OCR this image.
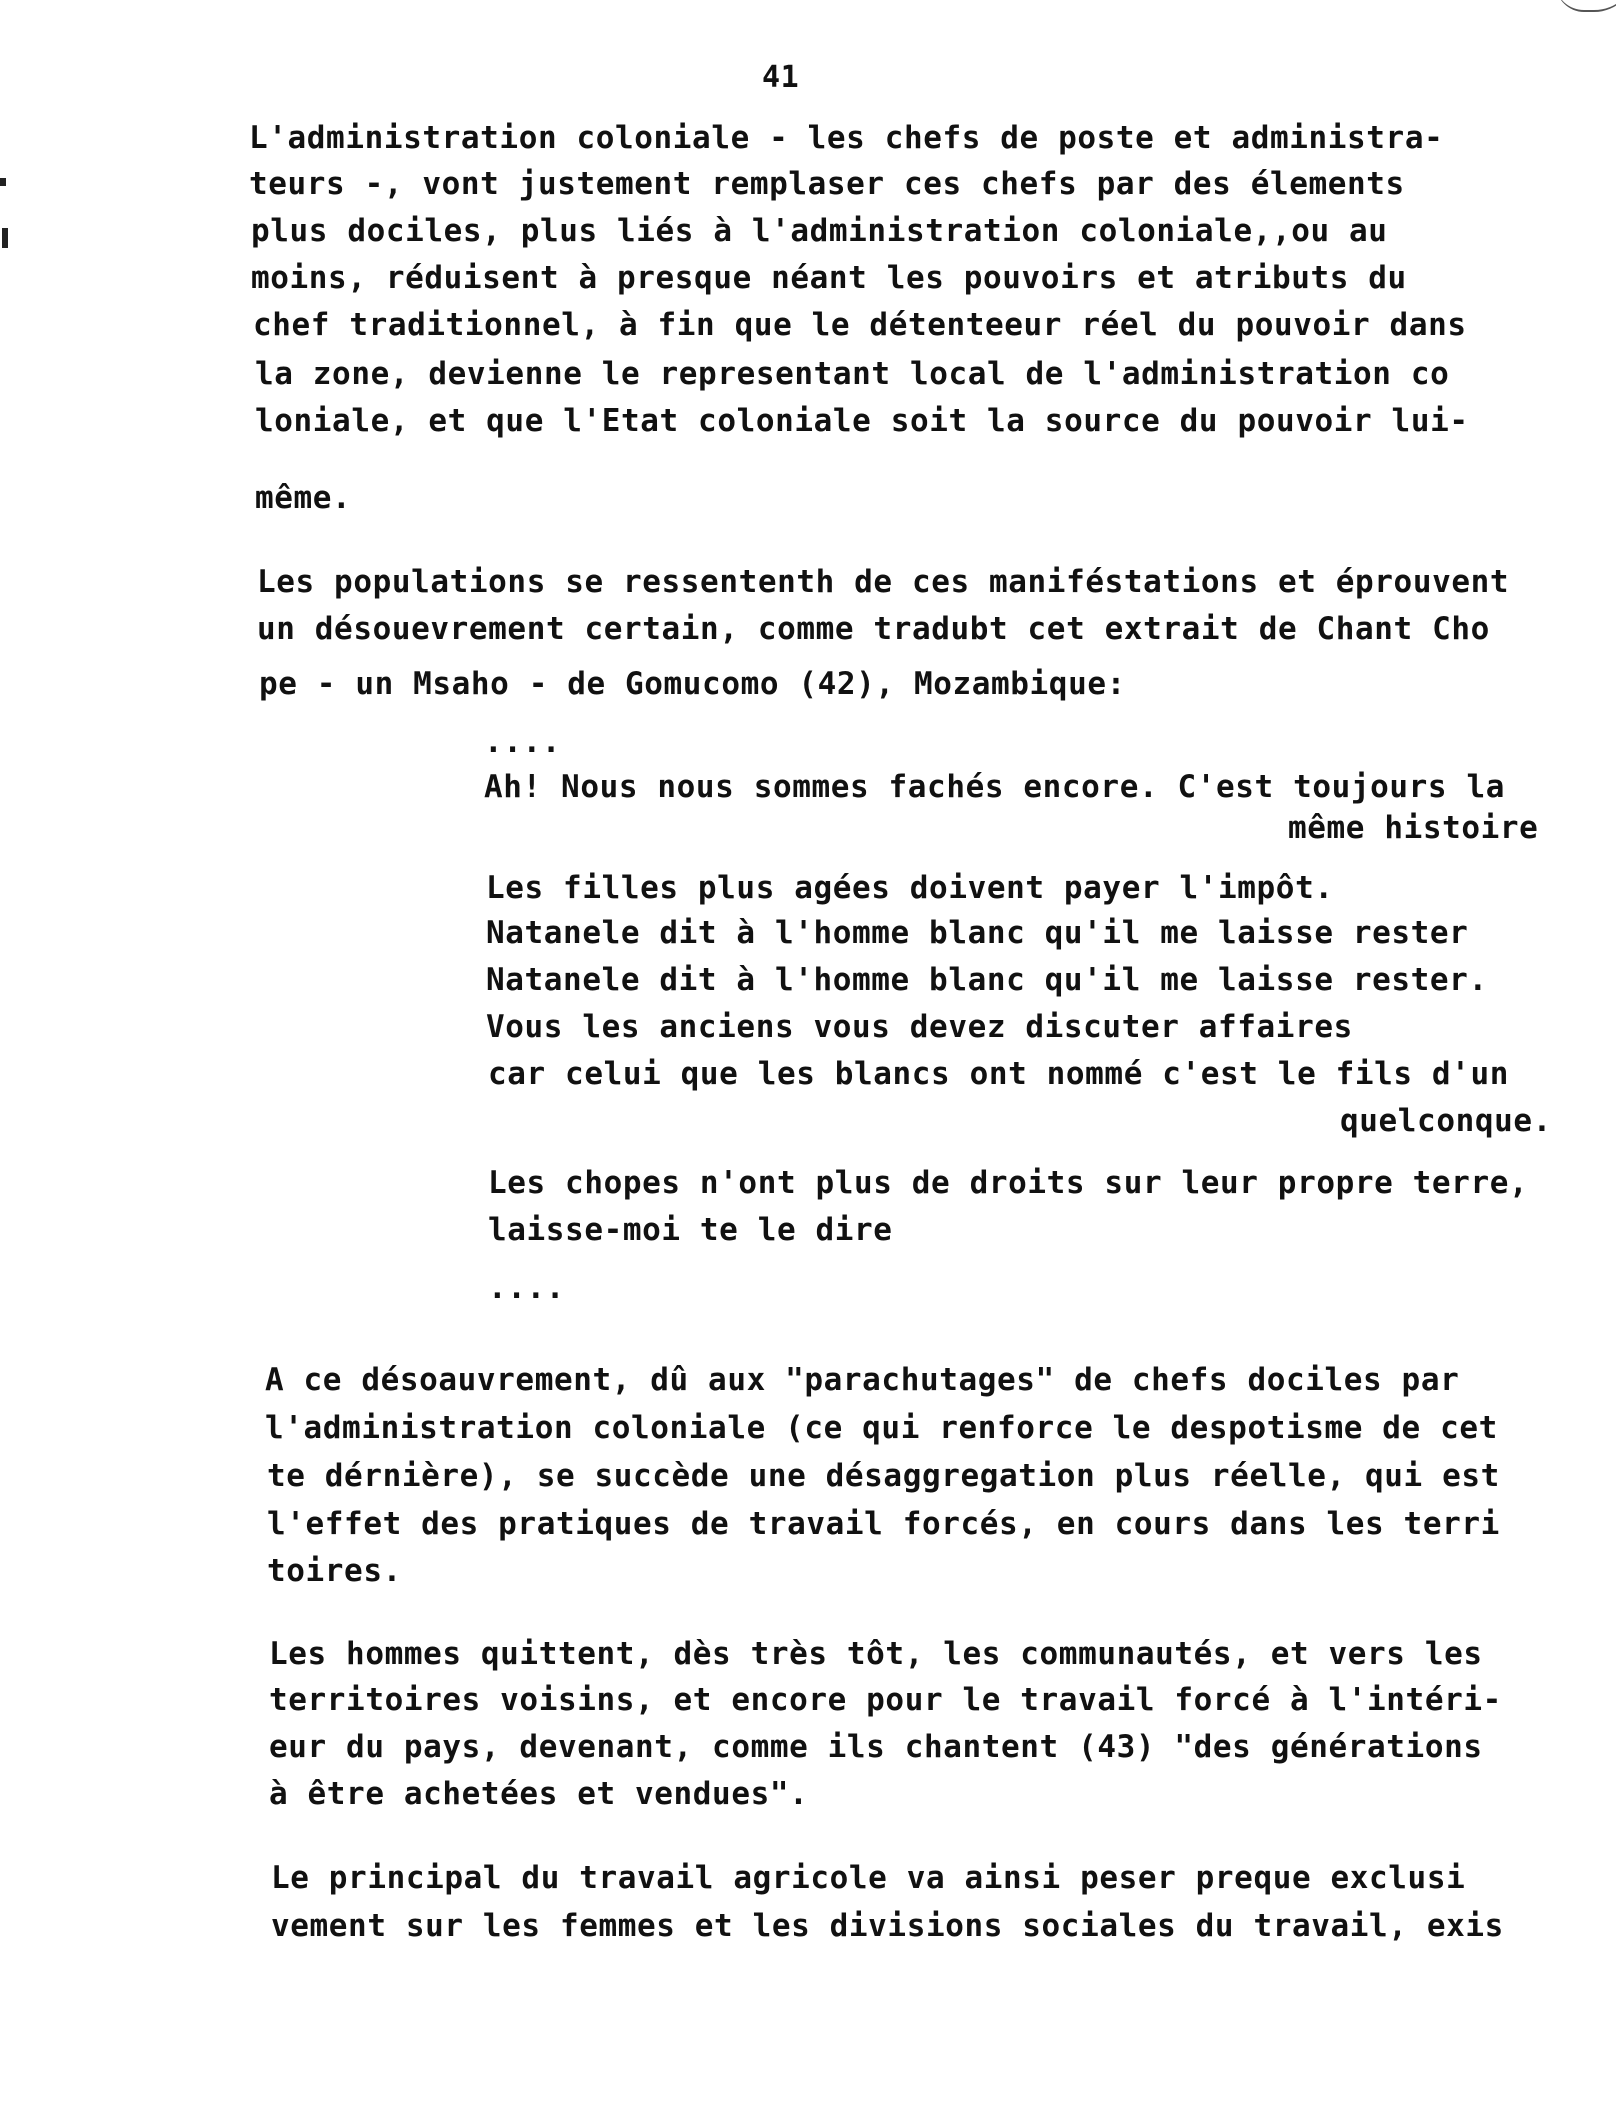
41
L'administration coloniale - les chefs de poste et administra-
teurs -, vont justement remplaser ces chefs par des élements
plus dociles, plus liés à l'administration coloniale,,ou au
moins, réduisent à presque néant les pouvoirs et atributs du
chef traditionnel, à fin que le détenteeur réel du pouvoir dans
la zone, devienne le representant local de l'administration co
loniale, et que l'Etat coloniale soit la source du pouvoir lui-
même.
Les populations se ressententh de ces maniféstations et éprouvent
un désouevrement certain, comme tradubt cet extrait de Chant Cho
pe - un Msaho - de Gomucomo (42), Mozambique:
....
Ah! Nous nous sommes fachés encore. C'est toujours la
même histoire
Les filles plus agées doivent payer l'impôt.
Natanele dit à l'homme blanc qu'il me laisse rester
Natanele dit à l'homme blanc qu'il me laisse rester.
Vous les anciens vous devez discuter affaires
car celui que les blancs ont nommé c'est le fils d'un
quelconque.
Les chopes n'ont plus de droits sur leur propre terre,
laisse-moi te le dire
....
A ce désoauvrement, dû aux "parachutages" de chefs dociles par
l'administration coloniale (ce qui renforce le despotisme de cet
te dérnière), se succède une désaggregation plus réelle, qui est
l'effet des pratiques de travail forcés, en cours dans les terri
toires.
Les hommes quittent, dès très tôt, les communautés, et vers les
territoires voisins, et encore pour le travail forcé à l'intéri-
eur du pays, devenant, comme ils chantent (43) "des générations
à être achetées et vendues".
Le principal du travail agricole va ainsi peser preque exclusi
vement sur les femmes et les divisions sociales du travail, exis
